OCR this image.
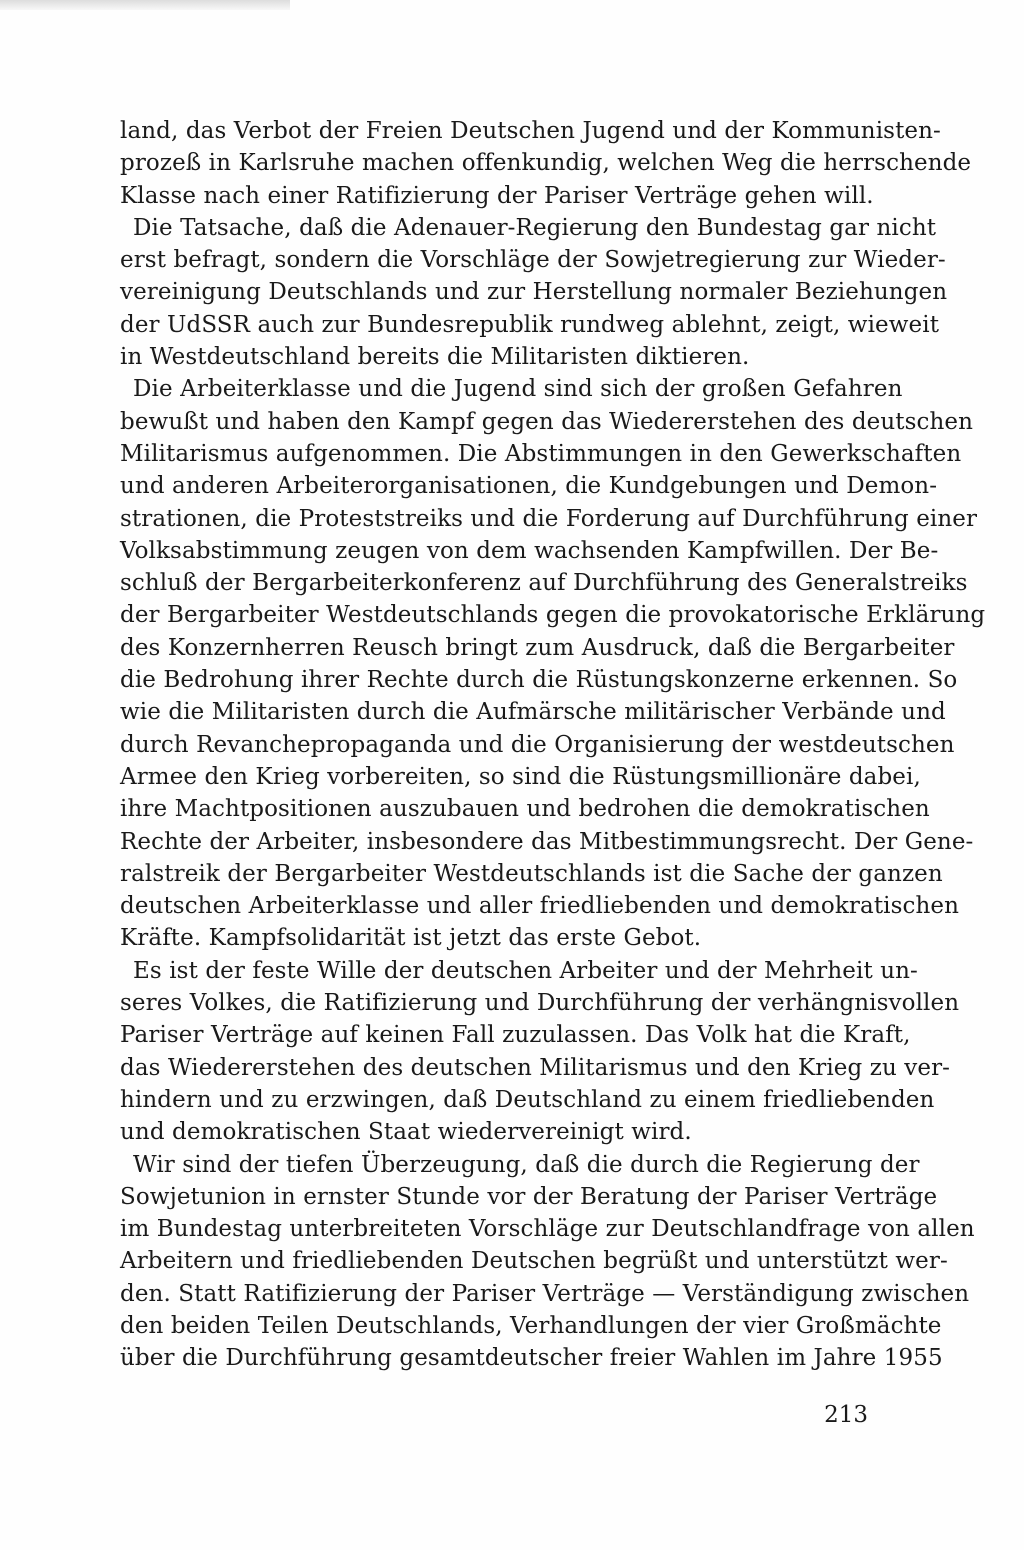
land, das Verbot der Freien Deutschen Jugend und der Kommunisten-
prozeß in Karlsruhe machen offenkundig, welchen Weg die herrschende
Klasse nach einer Ratifizierung der Pariser Verträge gehen will.
Die Tatsache, daß die Adenauer-Regierung den Bundestag gar nicht
erst befragt, sondern die Vorschläge der Sowjetregierung zur Wieder-
vereinigung Deutschlands und zur Herstellung normaler Beziehungen
der UdSSR auch zur Bundesrepublik rundweg ablehnt, zeigt, wieweit
in Westdeutschland bereits die Militaristen diktieren.
Die Arbeiterklasse und die Jugend sind sich der großen Gefahren
bewußt und haben den Kampf gegen das Wiedererstehen des deutschen
Militarismus aufgenommen. Die Abstimmungen in den Gewerkschaften
und anderen Arbeiterorganisationen, die Kundgebungen und Demon-
strationen, die Proteststreiks und die Forderung auf Durchführung einer
Volksabstimmung zeugen von dem wachsenden Kampfwillen. Der Be-
schluß der Bergarbeiterkonferenz auf Durchführung des Generalstreiks
der Bergarbeiter Westdeutschlands gegen die provokatorische Erklärung
des Konzernherren Reusch bringt zum Ausdruck, daß die Bergarbeiter
die Bedrohung ihrer Rechte durch die Rüstungskonzerne erkennen. So
wie die Militaristen durch die Aufmärsche militärischer Verbände und
durch Revanchepropaganda und die Organisierung der westdeutschen
Armee den Krieg vorbereiten, so sind die Rüstungsmillionäre dabei,
ihre Machtpositionen auszubauen und bedrohen die demokratischen
Rechte der Arbeiter, insbesondere das Mitbestimmungsrecht. Der Gene-
ralstreik der Bergarbeiter Westdeutschlands ist die Sache der ganzen
deutschen Arbeiterklasse und aller friedliebenden und demokratischen
Kräfte. Kampfsolidarität ist jetzt das erste Gebot.
Es ist der feste Wille der deutschen Arbeiter und der Mehrheit un-
seres Volkes, die Ratifizierung und Durchführung der verhängnisvollen
Pariser Verträge auf keinen Fall zuzulassen. Das Volk hat die Kraft,
das Wiedererstehen des deutschen Militarismus und den Krieg zu ver-
hindern und zu erzwingen, daß Deutschland zu einem friedliebenden
und demokratischen Staat wiedervereinigt wird.
Wir sind der tiefen Überzeugung, daß die durch die Regierung der
Sowjetunion in ernster Stunde vor der Beratung der Pariser Verträge
im Bundestag unterbreiteten Vorschläge zur Deutschlandfrage von allen
Arbeitern und friedliebenden Deutschen begrüßt und unterstützt wer-
den. Statt Ratifizierung der Pariser Verträge — Verständigung zwischen
den beiden Teilen Deutschlands, Verhandlungen der vier Großmächte
über die Durchführung gesamtdeutscher freier Wahlen im Jahre 1955
213
